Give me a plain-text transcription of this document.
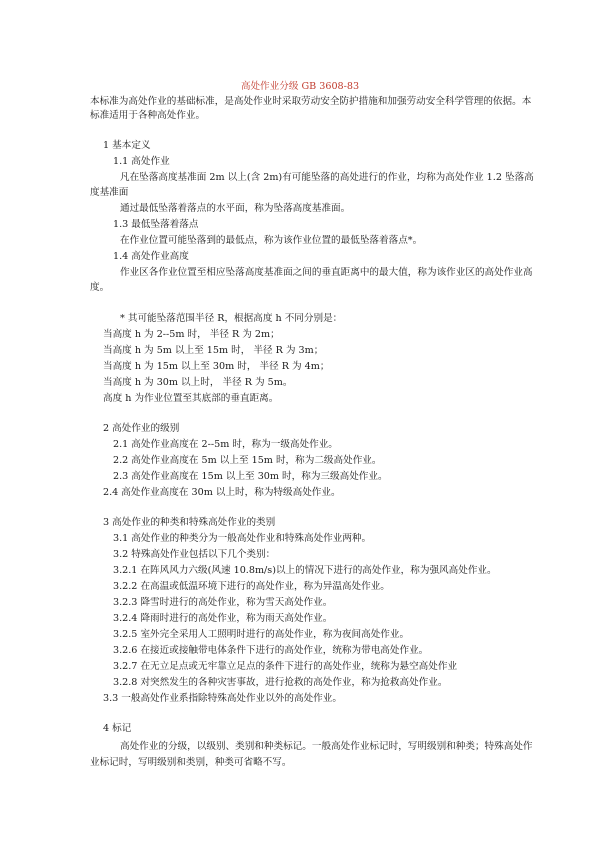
高处作业分级 GB 3608-83
本标准为高处作业的基础标准，是高处作业时采取劳动安全防护措施和加强劳动安全科学管理的依据。本
标准适用于各种高处作业。
1 基本定义
1.1 高处作业
凡在坠落高度基准面 2m 以上(含 2m)有可能坠落的高处进行的作业，均称为高处作业 1.2 坠落高
度基准面
通过最低坠落着落点的水平面，称为坠落高度基准面。
1.3 最低坠落着落点
在作业位置可能坠落到的最低点，称为该作业位置的最低坠落着落点*。
1.4 高处作业高度
作业区各作业位置至相应坠落高度基准面之间的垂直距离中的最大值，称为该作业区的高处作业高
度。
* 其可能坠落范围半径 R，根据高度 h 不同分别是：
当高度 h 为 2--5m 时， 半径 R 为 2m；
当高度 h 为 5m 以上至 15m 时， 半径 R 为 3m；
当高度 h 为 15m 以上至 30m 时， 半径 R 为 4m；
当高度 h 为 30m 以上时， 半径 R 为 5m。
高度 h 为作业位置至其底部的垂直距离。
2 高处作业的级别
2.1 高处作业高度在 2--5m 时，称为一级高处作业。
2.2 高处作业高度在 5m 以上至 15m 时，称为二级高处作业。
2.3 高处作业高度在 15m 以上至 30m 时，称为三级高处作业。
2.4 高处作业高度在 30m 以上时，称为特级高处作业。
3 高处作业的种类和特殊高处作业的类别
3.1 高处作业的种类分为一般高处作业和特殊高处作业两种。
3.2 特殊高处作业包括以下几个类别：
3.2.1 在阵风风力六级(风速 10.8m/s)以上的情况下进行的高处作业，称为强风高处作业。
3.2.2 在高温或低温环境下进行的高处作业，称为异温高处作业。
3.2.3 降雪时进行的高处作业，称为雪天高处作业。
3.2.4 降雨时进行的高处作业，称为雨天高处作业。
3.2.5 室外完全采用人工照明时进行的高处作业，称为夜间高处作业。
3.2.6 在接近或接触带电体条件下进行的高处作业，统称为带电高处作业。
3.2.7 在无立足点或无牢靠立足点的条件下进行的高处作业，统称为悬空高处作业
3.2.8 对突然发生的各种灾害事故，进行抢救的高处作业，称为抢救高处作业。
3.3 一般高处作业系指除特殊高处作业以外的高处作业。
4 标记
高处作业的分级，以级别、类别和种类标记。一般高处作业标记时，写明级别和种类；特殊高处作
业标记时，写明级别和类别，种类可省略不写。
